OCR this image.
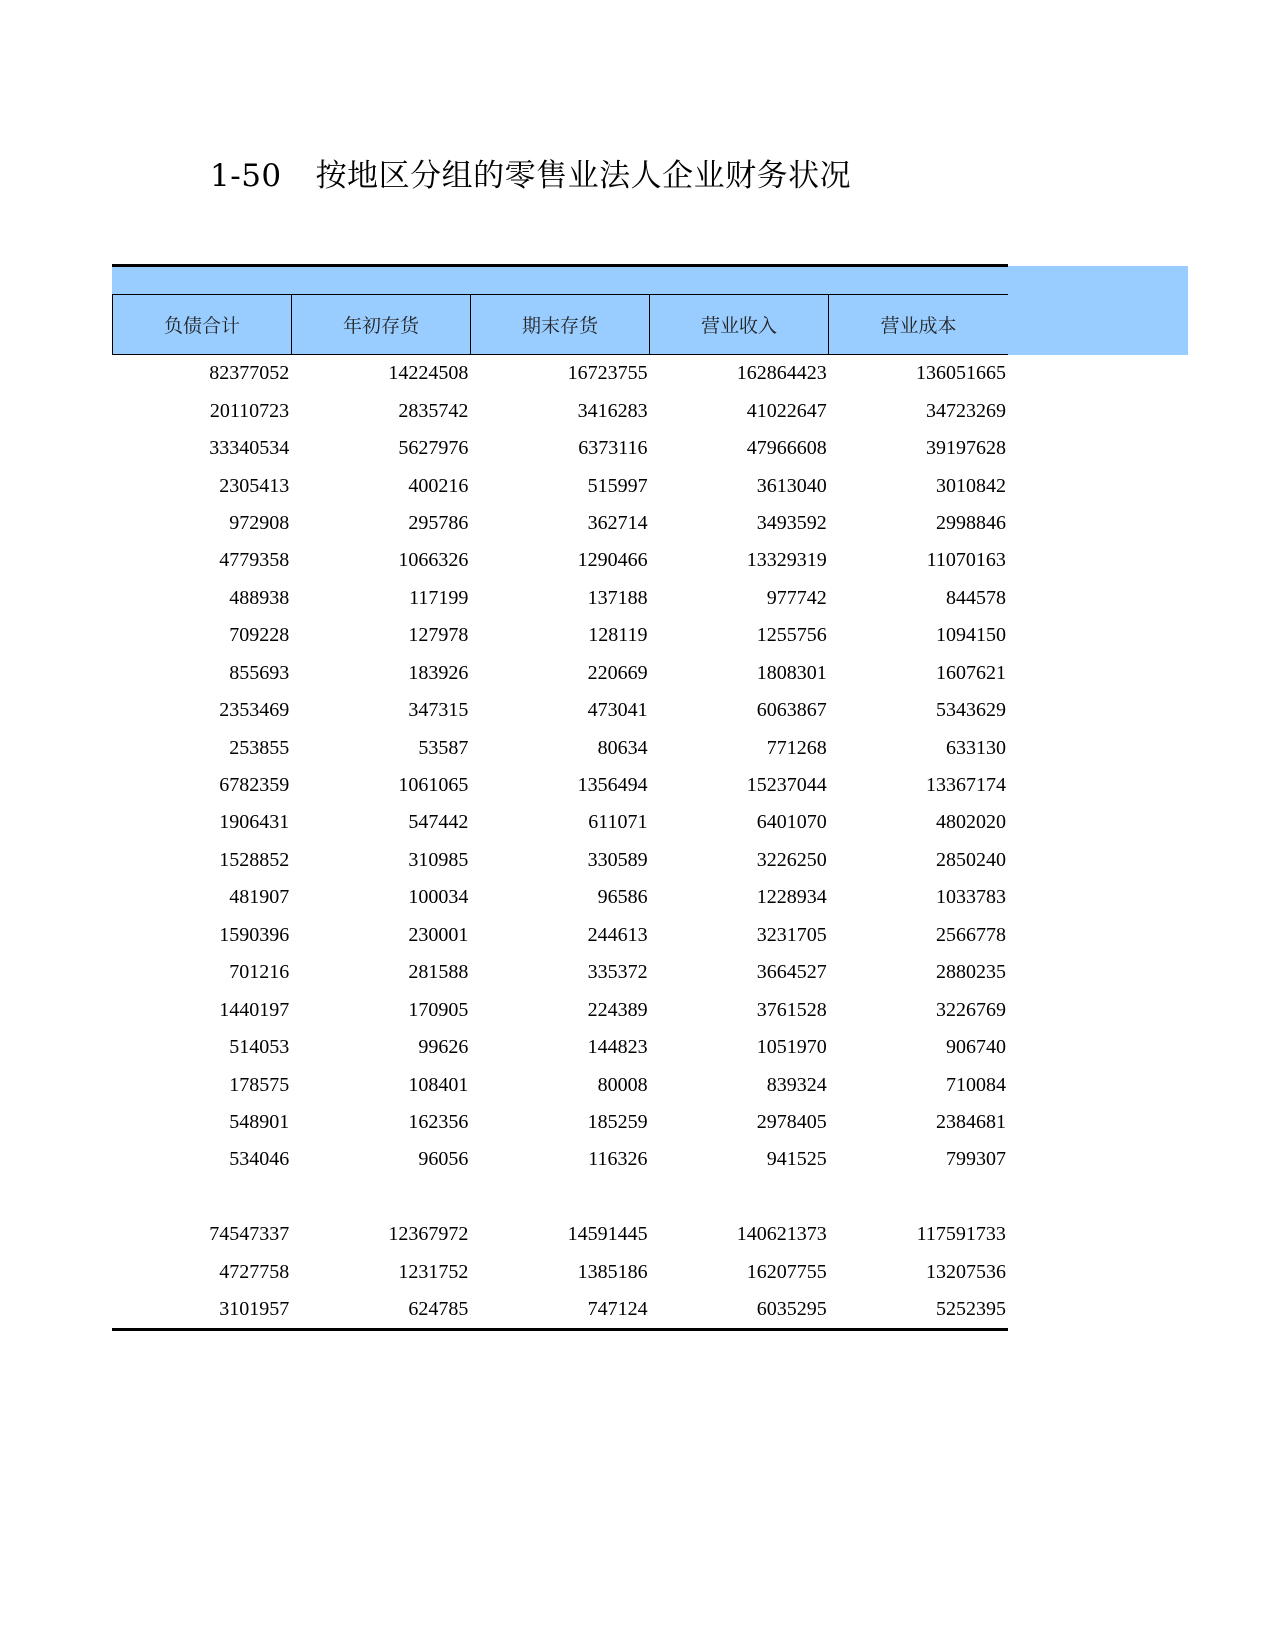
1-50 按地区分组的零售业法人企业财务状况
负债合计	年初存货	期末存货	营业收入	营业成本
82377052	14224508	16723755	162864423	136051665
20110723	2835742	3416283	41022647	34723269
33340534	5627976	6373116	47966608	39197628
2305413	400216	515997	3613040	3010842
972908	295786	362714	3493592	2998846
4779358	1066326	1290466	13329319	11070163
488938	117199	137188	977742	844578
709228	127978	128119	1255756	1094150
855693	183926	220669	1808301	1607621
2353469	347315	473041	6063867	5343629
253855	53587	80634	771268	633130
6782359	1061065	1356494	15237044	13367174
1906431	547442	611071	6401070	4802020
1528852	310985	330589	3226250	2850240
481907	100034	96586	1228934	1033783
1590396	230001	244613	3231705	2566778
701216	281588	335372	3664527	2880235
1440197	170905	224389	3761528	3226769
514053	99626	144823	1051970	906740
178575	108401	80008	839324	710084
548901	162356	185259	2978405	2384681
534046	96056	116326	941525	799307
74547337	12367972	14591445	140621373	117591733
4727758	1231752	1385186	16207755	13207536
3101957	624785	747124	6035295	5252395
